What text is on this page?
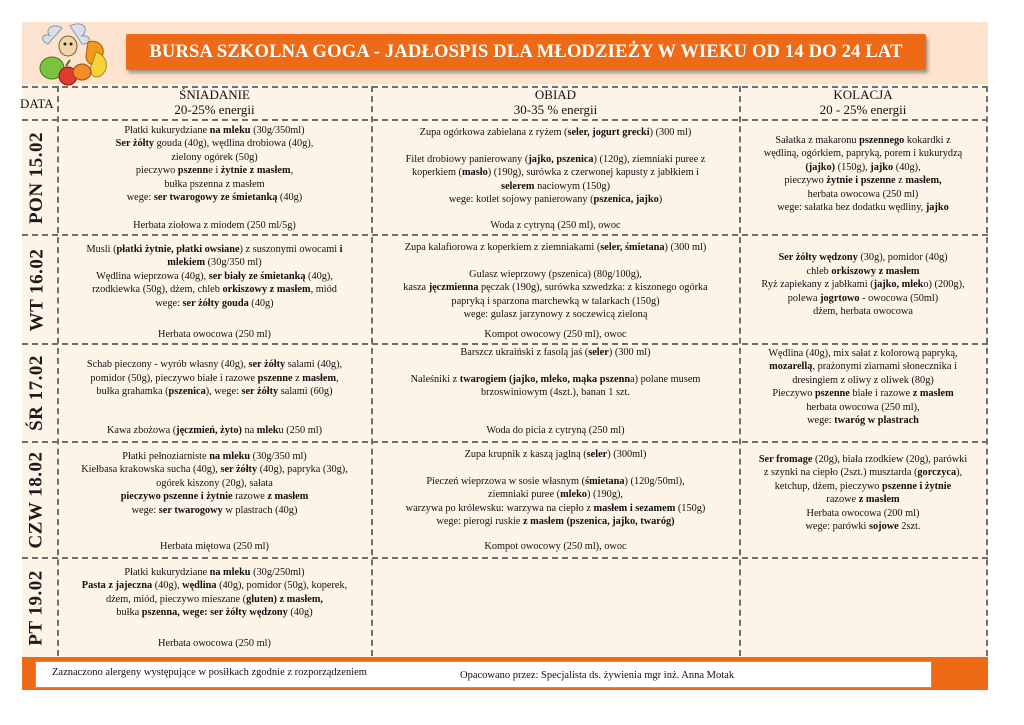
BURSA SZKOLNA GOGA - JADŁOSPIS DLA MŁODZIEŻY W WIEKU OD 14 DO 24 LAT
DATA
ŚNIADANIE
20-25% energii
OBIAD
30-35 % energii
KOLACJA
20 - 25% energii
PON 15.02
WT 16.02
ŚR 17.02
CZW 18.02
PT 19.02
Płatki kukurydziane na mleku (30g/350ml)
Ser żółty gouda (40g), wędlina drobiowa (40g),
zielony ogórek (50g)
pieczywo pszenne i żytnie z masłem,
bułka pszenna z masłem
wege: ser twarogowy ze śmietanką (40g)
Herbata ziołowa z miodem (250 ml/5g)
Zupa ogórkowa zabielana z ryżem (seler, jogurt grecki) (300 ml)

Filet drobiowy panierowany (jajko, pszenica) (120g), ziemniaki puree z
koperkiem (masło) (190g), surówka z czerwonej kapusty z jabłkiem i
selerem naciowym (150g)
wege: kotlet sojowy panierowany (pszenica, jajko)
Woda z cytryną (250 ml), owoc
Sałatka z makaronu pszennego kokardki z
wędliną, ogórkiem, papryką, porem i kukurydzą
(jajko) (150g), jajko (40g),
pieczywo żytnie i pszenne z masłem,
herbata owocowa (250 ml)
wege: sałatka bez dodatku wędliny, jajko
Musli (płatki żytnie, płatki owsiane) z suszonymi owocami i
mlekiem (30g/350 ml)
Wędlina wieprzowa (40g), ser biały ze śmietanką (40g),
rzodkiewka (50g), dżem, chleb orkiszowy z masłem, miód
wege: ser żółty gouda (40g)
Herbata owocowa (250 ml)
Zupa kalafiorowa z koperkiem z ziemniakami (seler, śmietana) (300 ml)

Gulasz wieprzowy (pszenica) (80g/100g),
kasza jęczmienna pęczak (190g), surówka szwedzka: z kiszonego ogórka
papryką i sparzona marchewką w talarkach (150g)
wege: gulasz jarzynowy z soczewicą zieloną
Kompot owocowy (250 ml), owoc

Ser żółty wędzony (30g), pomidor (40g)
chleb orkiszowy z masłem
Ryż zapiekany z jabłkami (jajko, mleko) (200g),
polewa jogrtowo - owocowa (50ml)
dżem, herbata owocowa

Schab pieczony - wyrób własny (40g), ser żółty salami (40g),
pomidor (50g), pieczywo białe i razowe pszenne z masłem,
bułka grahamka (pszenica), wege: ser żółty salami (60g)
Kawa zbożowa (jęczmień, żyto) na mleku (250 ml)
Barszcz ukraiński z fasolą jaś (seler) (300 ml)

Naleśniki z twarogiem (jajko, mleko, mąka pszenna) polane musem
brzoswiniowym (4szt.), banan 1 szt.
Woda do picia z cytryną (250 ml)
Wędlina (40g), mix sałat z kolorową papryką,
mozarellą, prażonymi ziarnami słonecznika i
dresingiem z oliwy z oliwek (80g)
Pieczywo pszenne białe i razowe z masłem
herbata owocowa (250 ml),
wege: twaróg w plastrach
Płatki pełnoziarniste na mleku (30g/350 ml)
Kiełbasa krakowska sucha (40g), ser żółty (40g), papryka (30g),
ogórek kiszony (20g), sałata
pieczywo pszenne i żytnie razowe z masłem
wege: ser twarogowy w plastrach (40g)
Herbata miętowa (250 ml)
Zupa krupnik z kaszą jaglną (seler) (300ml)

Pieczeń wieprzowa w sosie własnym (śmietana) (120g/50ml),
ziemniaki puree (mleko) (190g),
warzywa po królewsku: warzywa na ciepło z masłem i sezamem (150g)
wege: pierogi ruskie z masłem (pszenica, jajko, twaróg)
Kompot owocowy (250 ml), owoc
Ser fromage (20g), biała rzodkiew (20g), parówki
z szynki na ciepło (2szt.) musztarda (gorczyca),
ketchup, dżem, pieczywo pszenne i żytnie
razowe z masłem
Herbata owocowa (200 ml)
wege: parówki sojowe 2szt.
Płatki kukurydziane na mleku (30g/250ml)
Pasta z jajeczna (40g), wędlina (40g), pomidor (50g), koperek,
dżem, miód, pieczywo mieszane (gluten) z masłem,
bułka pszenna, wege: ser żółty wędzony (40g)
Herbata owocowa (250 ml)
Zaznaczono alergeny występujące w posiłkach zgodnie z rozporządzeniem	Opacowano przez: Specjalista ds. żywienia mgr inż. Anna Motak
